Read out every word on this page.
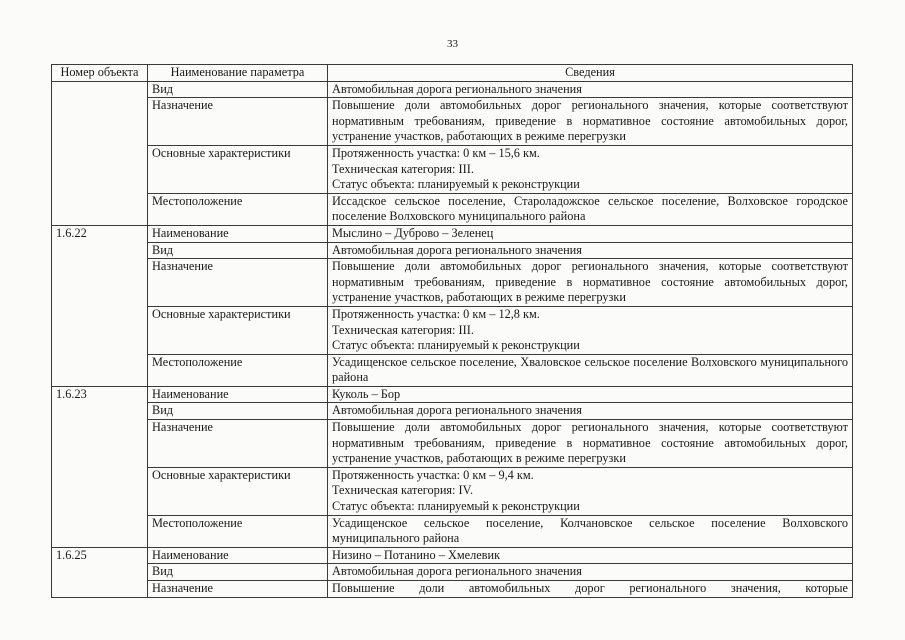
33
Номер объекта	Наименование параметра	Сведения
	Вид	Автомобильная дорога регионального значения

	Назначение	Повышение доли автомобильных дорог регионального значения, которые соответствуют нормативным требованиям, приведение в нормативное состояние автомобильных дорог, устранение участков, работающих в режиме перегрузки

	Основные характеристики	Протяженность участка: 0 км – 15,6 км.
Техническая категория: III.
Статус объекта: планируемый к реконструкции

	Местоположение	Иссадское сельское поселение, Староладожское сельское поселение, Волховское городское поселение Волховского муниципального района

1.6.22	Наименование	Мыслино – Дуброво – Зеленец

	Вид	Автомобильная дорога регионального значения

	Назначение	Повышение доли автомобильных дорог регионального значения, которые соответствуют нормативным требованиям, приведение в нормативное состояние автомобильных дорог, устранение участков, работающих в режиме перегрузки

	Основные характеристики	Протяженность участка: 0 км – 12,8 км.
Техническая категория: III.
Статус объекта: планируемый к реконструкции

	Местоположение	Усадищенское сельское поселение, Хваловское сельское поселение Волховского муниципального района

1.6.23	Наименование	Куколь – Бор

	Вид	Автомобильная дорога регионального значения

	Назначение	Повышение доли автомобильных дорог регионального значения, которые соответствуют нормативным требованиям, приведение в нормативное состояние автомобильных дорог, устранение участков, работающих в режиме перегрузки

	Основные характеристики	Протяженность участка: 0 км – 9,4 км.
Техническая категория: IV.
Статус объекта: планируемый к реконструкции

	Местоположение	Усадищенское сельское поселение, Колчановское сельское поселение Волховского муниципального района

1.6.25	Наименование	Низино – Потанино – Хмелевик

	Вид	Автомобильная дорога регионального значения

	Назначение	Повышение доли автомобильных дорог регионального значения, которые
